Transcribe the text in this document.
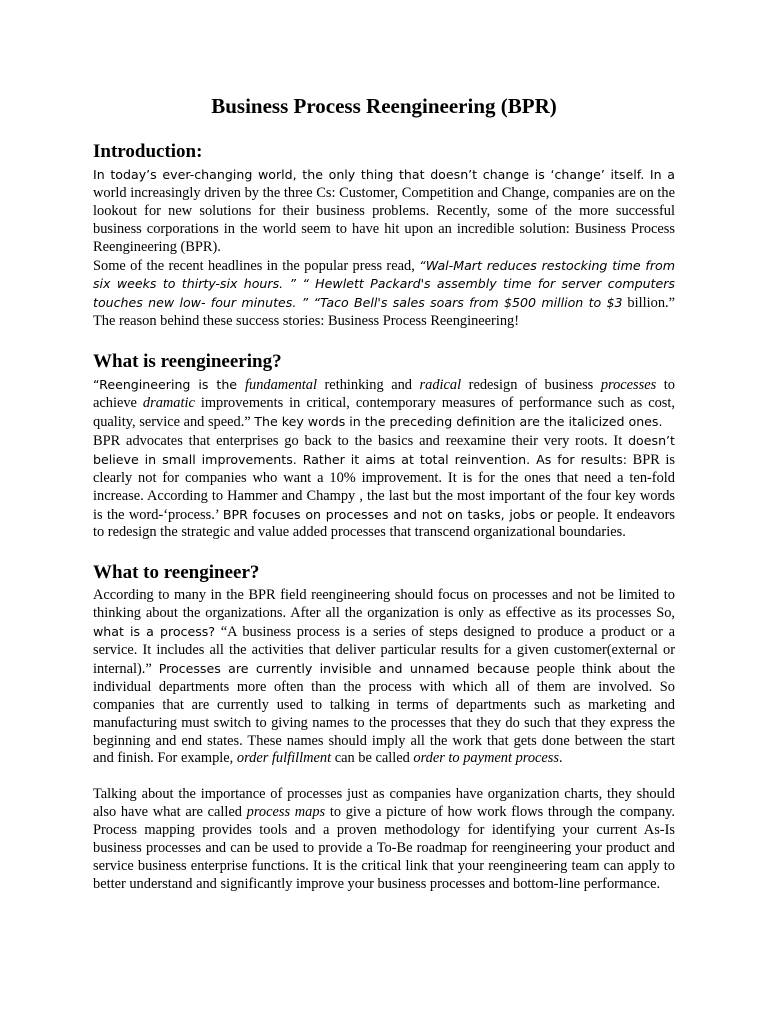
Business Process Reengineering (BPR)
Introduction:

In today’s ever-changing world, the only thing that doesn’t change is ‘change’ itself. In a world increasingly driven by the three Cs: Customer, Competition and Change, companies are on the lookout for new solutions for their business problems. Recently, some of the more successful business corporations in the world seem to have hit upon an incredible solution: Business Process Reengineering (BPR).

Some of the recent headlines in the popular press read, “Wal-Mart reduces restocking time from six weeks to thirty-six hours. ” “ Hewlett Packard's assembly time for server computers touches new low- four minutes. ” “Taco Bell's sales soars from $500 million to $3 billion.” The reason behind these success stories: Business Process Reengineering!

What is reengineering?

“Reengineering is the fundamental rethinking and radical redesign of business processes to achieve dramatic improvements in critical, contemporary measures of performance such as cost, quality, service and speed.” The key words in the preceding definition are the italicized ones.

BPR advocates that enterprises go back to the basics and reexamine their very roots. It doesn’t believe in small improvements. Rather it aims at total reinvention. As for results: BPR is clearly not for companies who want a 10% improvement. It is for the ones that need a ten-fold increase. According to Hammer and Champy , the last but the most important of the four key words is the word-‘process.’ BPR focuses on processes and not on tasks, jobs or people. It endeavors to redesign the strategic and value added processes that transcend organizational boundaries.

What to reengineer?

According to many in the BPR field reengineering should focus on processes and not be limited to thinking about the organizations. After all the organization is only as effective as its processes So, what is a process? “A business process is a series of steps designed to produce a product or a service. It includes all the activities that deliver particular results for a given customer(external or internal).” Processes are currently invisible and unnamed because people think about the individual departments more often than the process with which all of them are involved. So companies that are currently used to talking in terms of departments such as marketing and manufacturing must switch to giving names to the processes that they do such that they express the beginning and end states. These names should imply all the work that gets done between the start and finish. For example, order fulfillment can be called order to payment process.

Talking about the importance of processes just as companies have organization charts, they should also have what are called process maps to give a picture of how work flows through the company. Process mapping provides tools and a proven methodology for identifying your current As-Is business processes and can be used to provide a To-Be roadmap for reengineering your product and service business enterprise functions. It is the critical link that your reengineering team can apply to better understand and significantly improve your business processes and bottom-line performance.
